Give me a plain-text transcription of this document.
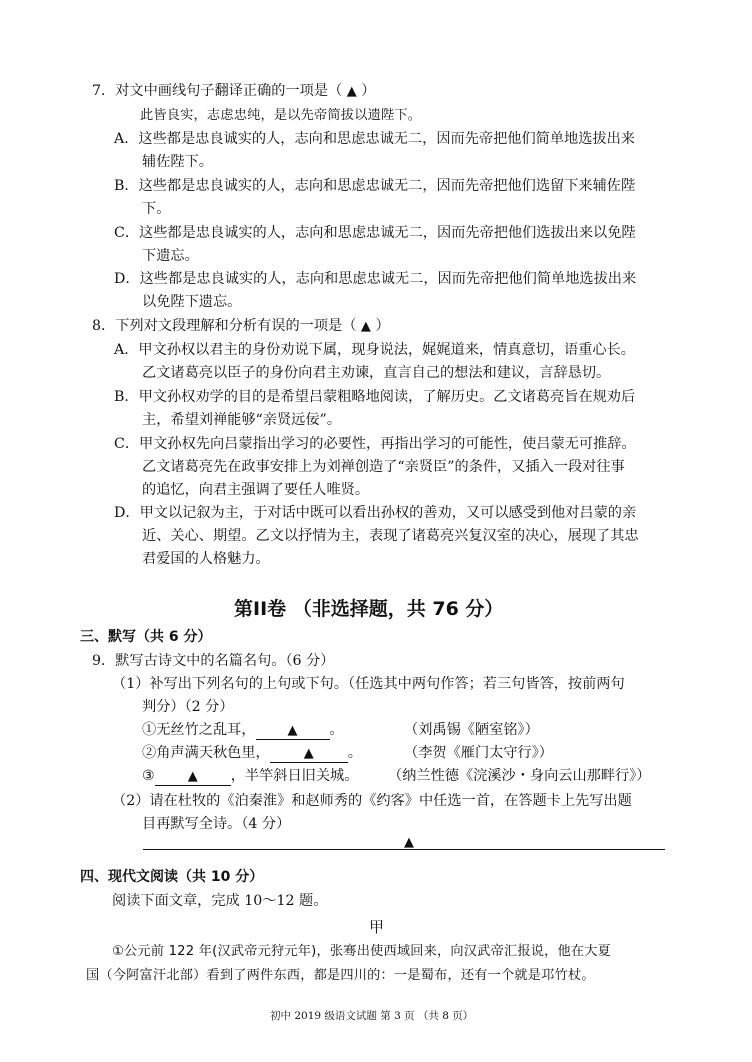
7．对文中画线句子翻译正确的一项是（ ▲ ）
此皆良实，志虑忠纯，是以先帝简拔以遗陛下。
A．这些都是忠良诚实的人，志向和思虑忠诚无二，因而先帝把他们简单地选拔出来
辅佐陛下。
B．这些都是忠良诚实的人，志向和思虑忠诚无二，因而先帝把他们选留下来辅佐陛
下。
C．这些都是忠良诚实的人，志向和思虑忠诚无二，因而先帝把他们选拔出来以免陛
下遗忘。
D．这些都是忠良诚实的人，志向和思虑忠诚无二，因而先帝把他们简单地选拔出来
以免陛下遗忘。
8．下列对文段理解和分析有误的一项是（ ▲ ）
A．甲文孙权以君主的身份劝说下属，现身说法，娓娓道来，情真意切，语重心长。
乙文诸葛亮以臣子的身份向君主劝谏，直言自己的想法和建议，言辞恳切。
B．甲文孙权劝学的目的是希望吕蒙粗略地阅读，了解历史。乙文诸葛亮旨在规劝后
主，希望刘禅能够“亲贤远佞”。
C．甲文孙权先向吕蒙指出学习的必要性，再指出学习的可能性，使吕蒙无可推辞。
乙文诸葛亮先在政事安排上为刘禅创造了“亲贤臣”的条件，又插入一段对往事
的追忆，向君主强调了要任人唯贤。
D．甲文以记叙为主，于对话中既可以看出孙权的善劝，又可以感受到他对吕蒙的亲
近、关心、期望。乙文以抒情为主，表现了诸葛亮兴复汉室的决心，展现了其忠
君爱国的人格魅力。
第II卷 （非选择题，共 76 分）
三、默写（共 6 分）
9．默写古诗文中的名篇名句。（6 分）
（1）补写出下列名句的上句或下句。（任选其中两句作答；若三句皆答，按前两句
判分）（2 分）
①无丝竹之乱耳， ▲ 。	（刘禹锡《陋室铭》）
②角声满天秋色里，	▲ 。	（李贺《雁门太守行》）
③	▲ ，半竿斜日旧关城。 （纳兰性德《浣溪沙・身向云山那畔行》）
（2）请在杜牧的《泊秦淮》和赵师秀的《约客》中任选一首，在答题卡上先写出题
目再默写全诗。（4 分）
▲
四、现代文阅读（共 10 分）
阅读下面文章，完成 10～12 题。
甲
①公元前 122 年(汉武帝元狩元年)，张骞出使西域回来，向汉武帝汇报说，他在大夏
国（今阿富汗北部）看到了两件东西，都是四川的：一是蜀布，还有一个就是邛竹杖。
初中 2019 级语文试题 第 3 页 （共 8 页）
